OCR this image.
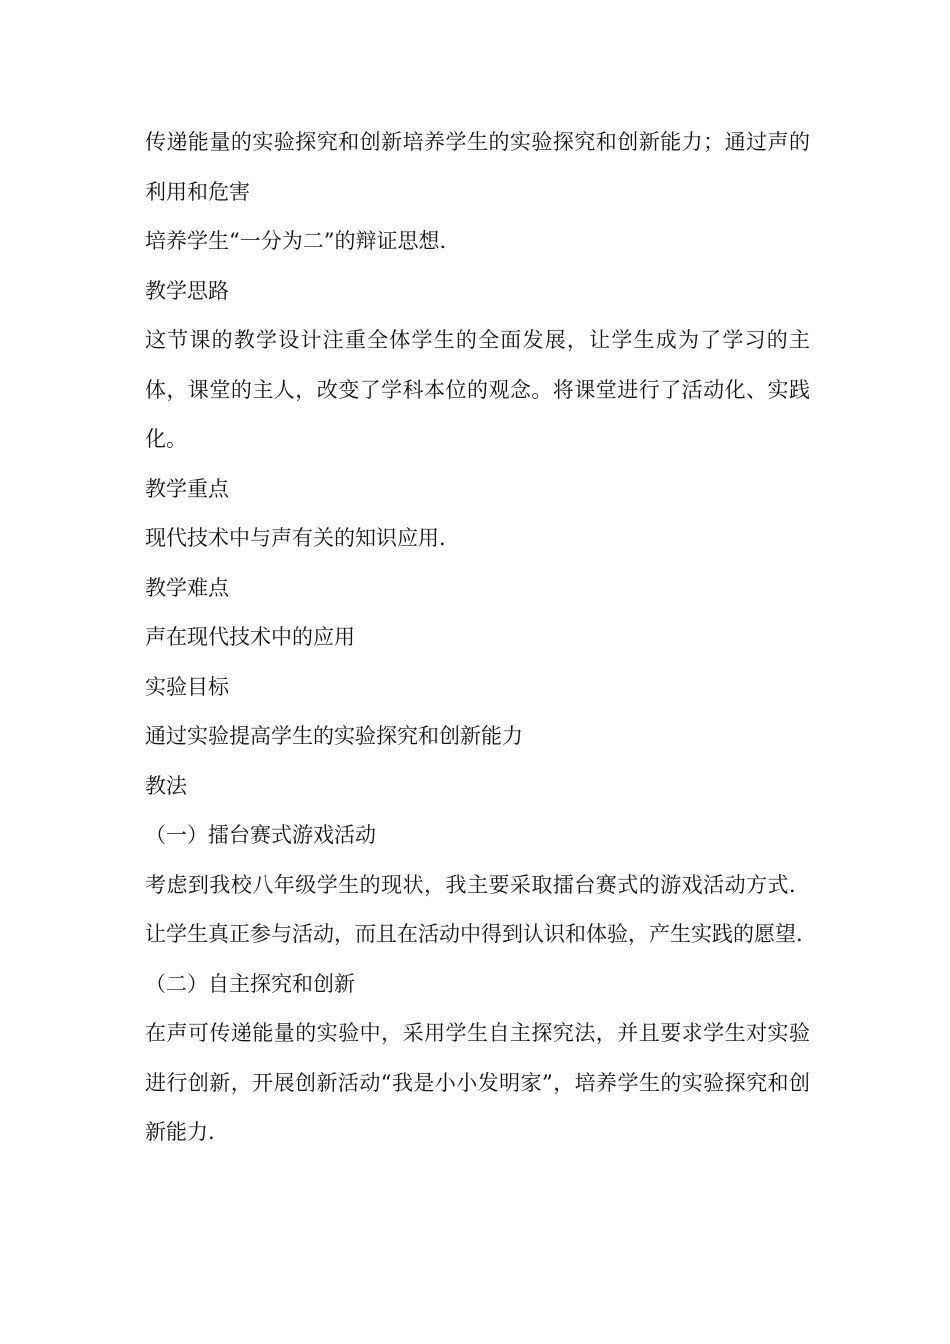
传递能量的实验探究和创新培养学生的实验探究和创新能力；通过声的利用和危害

培养学生“一分为二”的辩证思想.

教学思路

这节课的教学设计注重全体学生的全面发展，让学生成为了学习的主体，课堂的主人，改变了学科本位的观念。将课堂进行了活动化、实践化。

教学重点

现代技术中与声有关的知识应用.

教学难点

声在现代技术中的应用

实验目标

通过实验提高学生的实验探究和创新能力

教法

（一）擂台赛式游戏活动

考虑到我校八年级学生的现状，我主要采取擂台赛式的游戏活动方式．让学生真正参与活动，而且在活动中得到认识和体验，产生实践的愿望.

（二）自主探究和创新

在声可传递能量的实验中，采用学生自主探究法，并且要求学生对实验进行创新，开展创新活动“我是小小发明家”，培养学生的实验探究和创新能力.
